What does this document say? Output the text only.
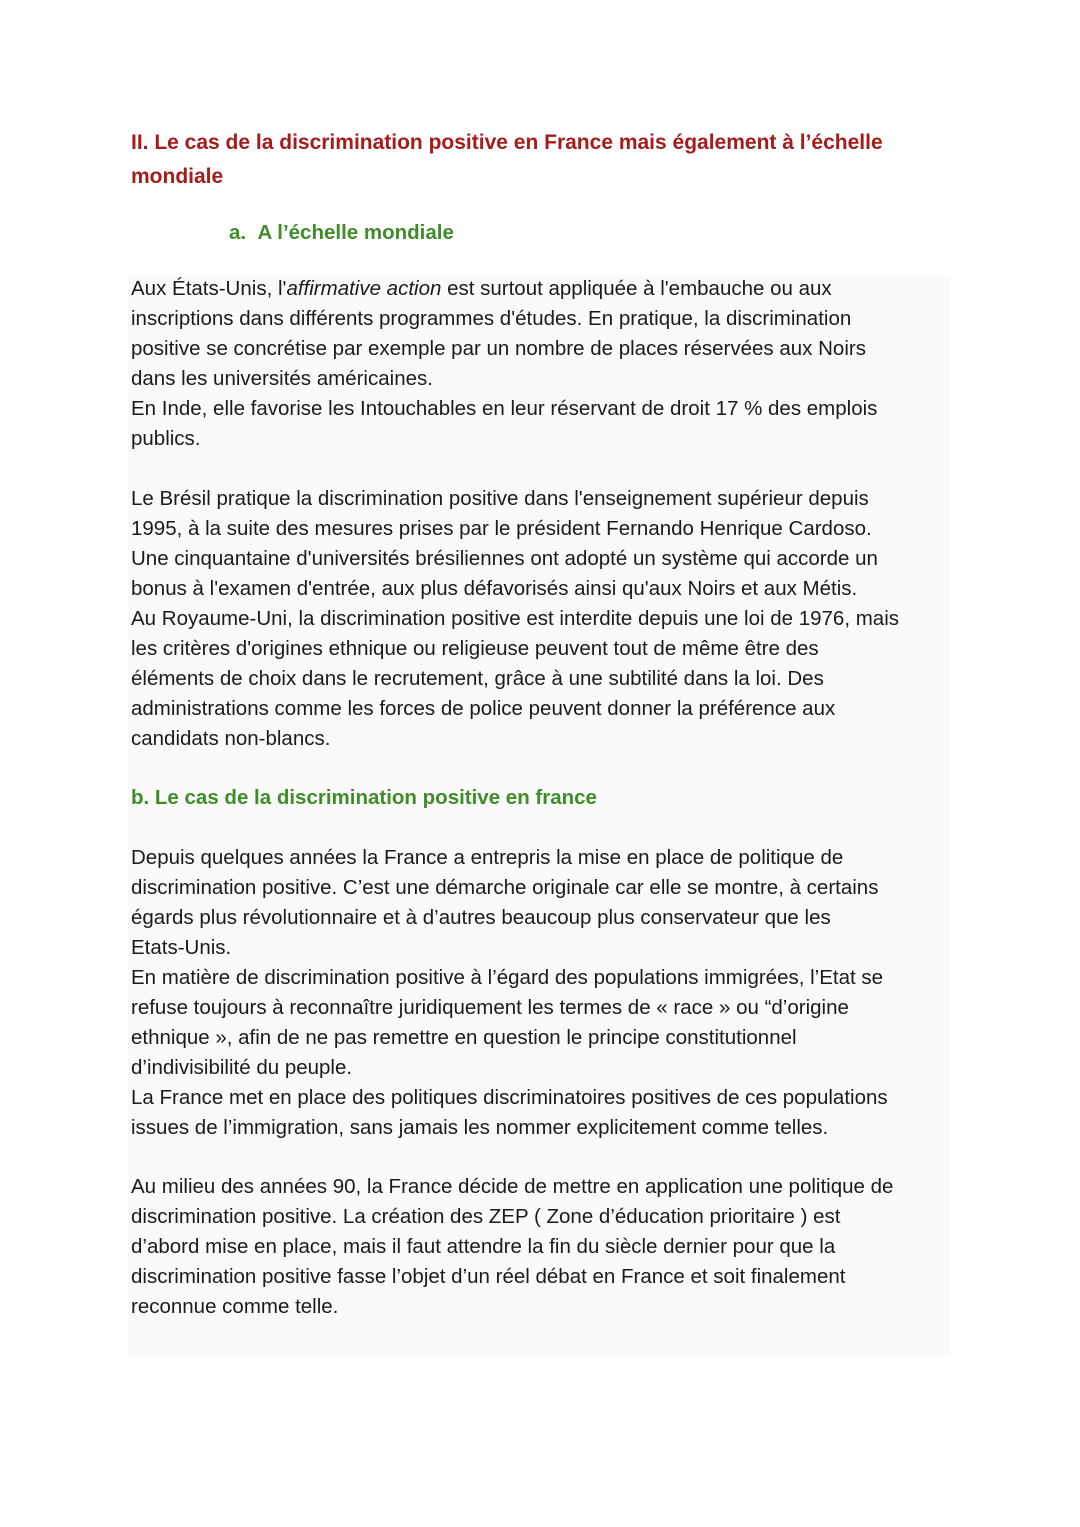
II. Le cas de la discrimination positive en France mais également à l’échelle
mondiale
a. A l’échelle mondiale
Aux États-Unis, l'affirmative action est surtout appliquée à l'embauche ou aux
inscriptions dans différents programmes d'études. En pratique, la discrimination
positive se concrétise par exemple par un nombre de places réservées aux Noirs
dans les universités américaines.
En Inde, elle favorise les Intouchables en leur réservant de droit 17 % des emplois
publics.
Le Brésil pratique la discrimination positive dans l'enseignement supérieur depuis
1995, à la suite des mesures prises par le président Fernando Henrique Cardoso.
Une cinquantaine d'universités brésiliennes ont adopté un système qui accorde un
bonus à l'examen d'entrée, aux plus défavorisés ainsi qu'aux Noirs et aux Métis.
Au Royaume-Uni, la discrimination positive est interdite depuis une loi de 1976, mais
les critères d'origines ethnique ou religieuse peuvent tout de même être des
éléments de choix dans le recrutement, grâce à une subtilité dans la loi. Des
administrations comme les forces de police peuvent donner la préférence aux
candidats non-blancs.
b. Le cas de la discrimination positive en france
Depuis quelques années la France a entrepris la mise en place de politique de
discrimination positive. C’est une démarche originale car elle se montre, à certains
égards plus révolutionnaire et à d’autres beaucoup plus conservateur que les
Etats-Unis.
En matière de discrimination positive à l’égard des populations immigrées, l’Etat se
refuse toujours à reconnaître juridiquement les termes de « race » ou “d’origine
ethnique », afin de ne pas remettre en question le principe constitutionnel
d’indivisibilité du peuple.
La France met en place des politiques discriminatoires positives de ces populations
issues de l’immigration, sans jamais les nommer explicitement comme telles.
Au milieu des années 90, la France décide de mettre en application une politique de
discrimination positive. La création des ZEP ( Zone d’éducation prioritaire ) est
d’abord mise en place, mais il faut attendre la fin du siècle dernier pour que la
discrimination positive fasse l’objet d’un réel débat en France et soit finalement
reconnue comme telle.
